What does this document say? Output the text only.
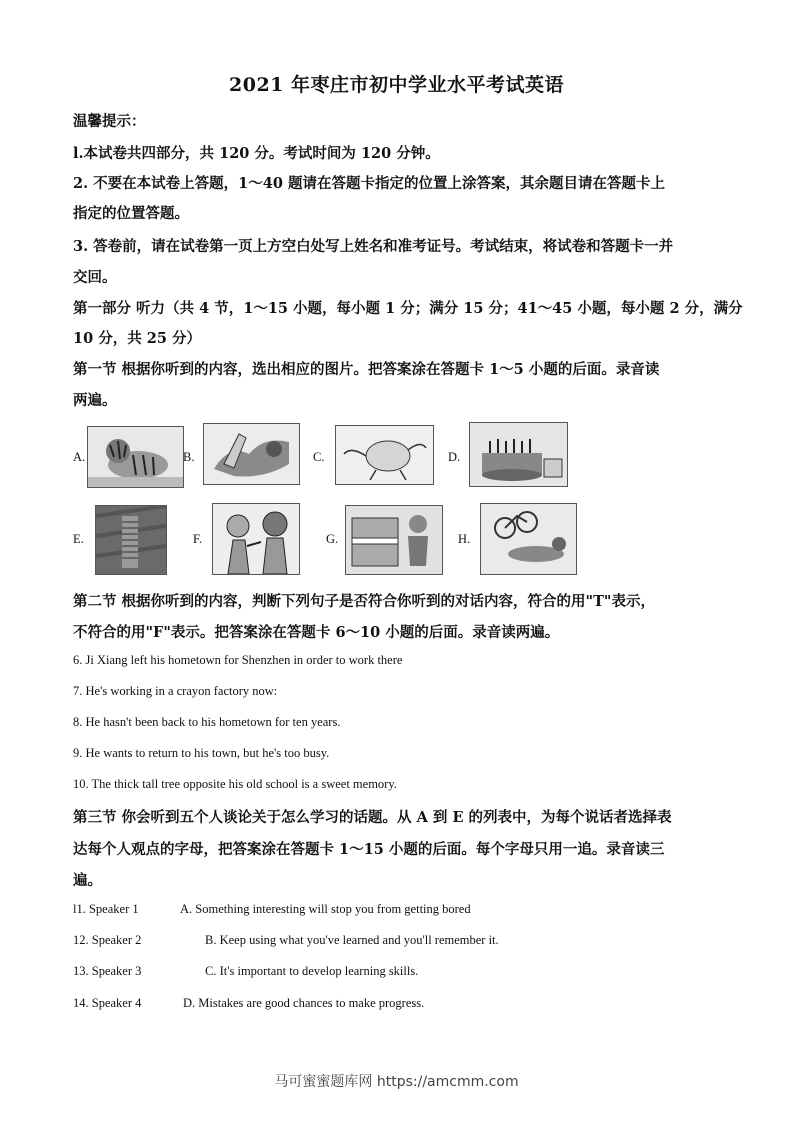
2021 年枣庄市初中学业水平考试英语
温馨提示：
l.本试卷共四部分，共 120 分。考试时间为 120 分钟。
2. 不要在本试卷上答题，1～40 题请在答题卡指定的位置上涂答案，其余题目请在答题卡上
指定的位置答题。
3. 答卷前，请在试卷第一页上方空白处写上姓名和准考证号。考试结束，将试卷和答题卡一并
交回。
第一部分 听力（共 4 节，1～15 小题，每小题 1 分；满分 15 分；41～45 小题，每小题 2 分，满分
10 分，共 25 分）
第一节 根据你听到的内容，选出相应的图片。把答案涂在答题卡 1～5 小题的后面。录音读
两遍。
A.	B.	C.	D.
E.	F.	G.	H.
第二节 根据你听到的内容，判断下列句子是否符合你听到的对话内容，符合的用"T"表示，
不符合的用"F"表示。把答案涂在答题卡 6～10 小题的后面。录音读两遍。
6. Ji Xiang left his hometown for Shenzhen in order to work there
7. He's working in a crayon factory now:
8. He hasn't been back to his hometown for ten years.
9. He wants to return to his town, but he's too busy.
10. The thick tall tree opposite his old school is a sweet memory.
第三节 你会听到五个人谈论关于怎么学习的话题。从 A 到 E 的列表中，为每个说话者选择表
达每个人观点的字母，把答案涂在答题卡 1～15 小题的后面。每个字母只用一追。录音读三
遍。
l1. Speaker 1	A. Something interesting will stop you from getting bored
12. Speaker 2	B. Keep using what you've learned and you'll remember it.
13. Speaker 3	C. It's important to develop learning skills.
14. Speaker 4	D. Mistakes are good chances to make progress.
马可蜜蜜题库网 https://amcmm.com
